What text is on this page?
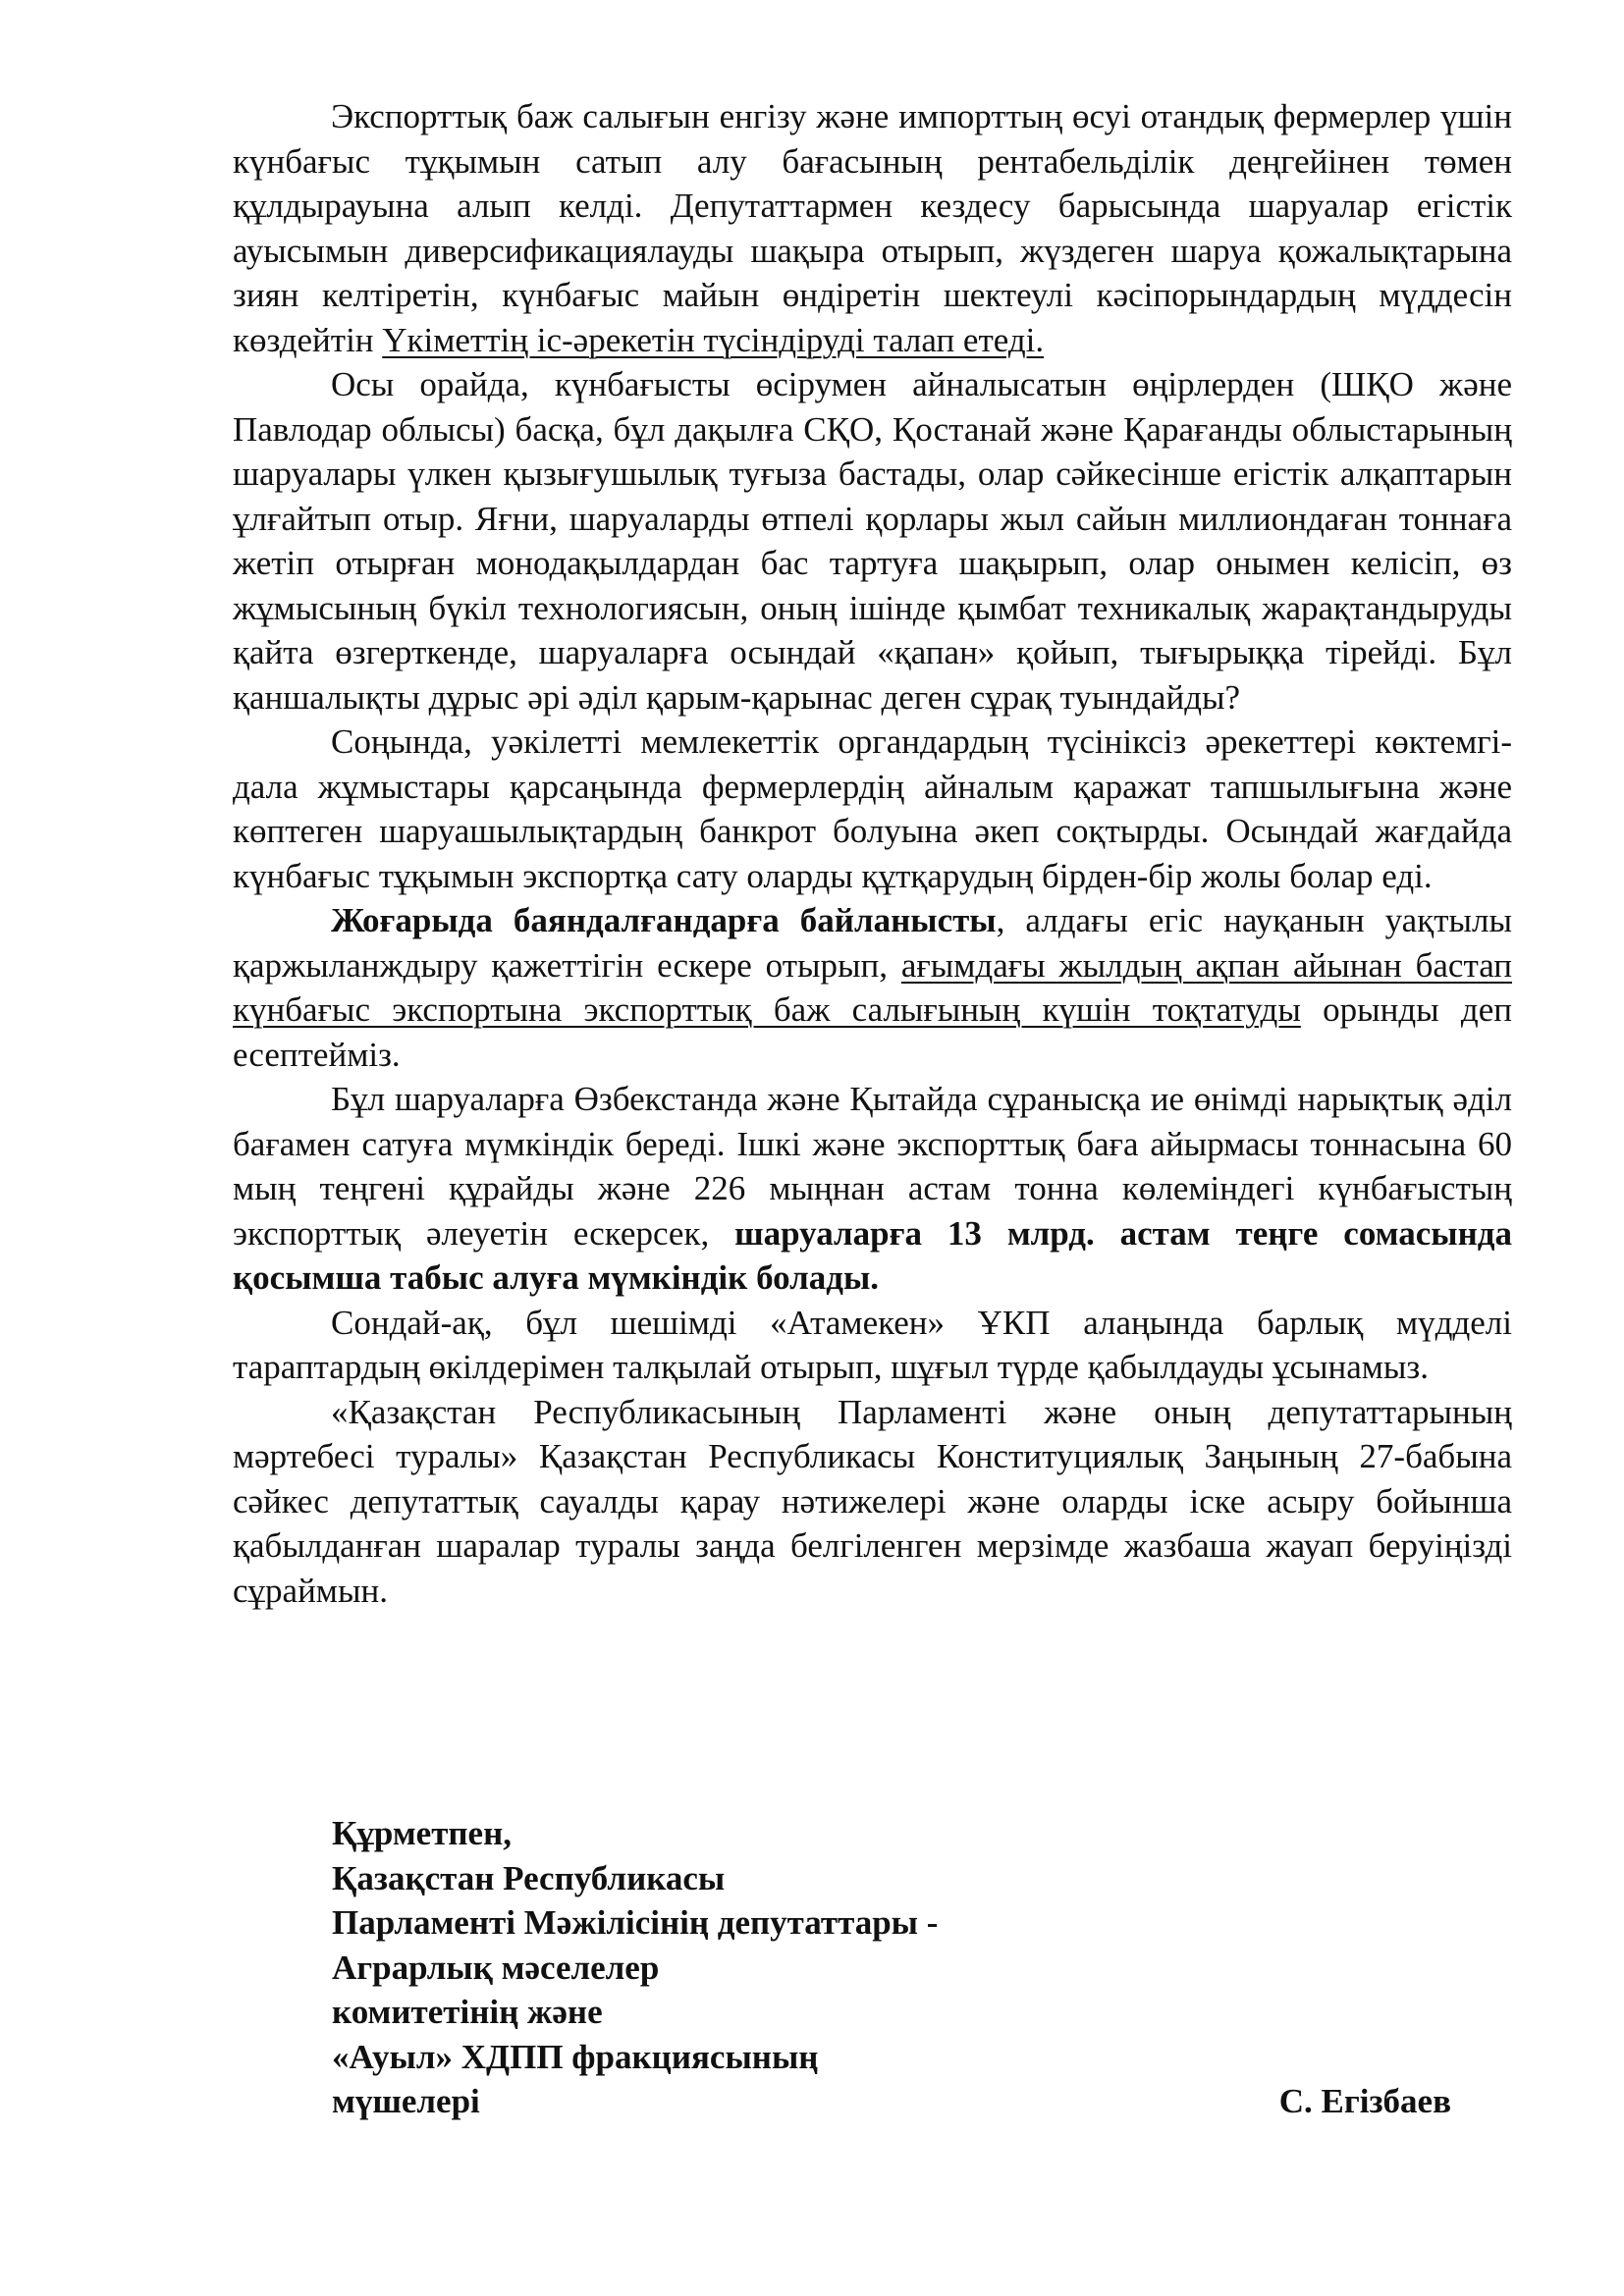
Экспорттық баж салығын енгізу және импорттың өсуі отандық фермерлер үшін күнбағыс тұқымын сатып алу бағасының рентабельділік деңгейінен төмен құлдырауына алып келді. Депутаттармен кездесу барысында шаруалар егістік ауысымын диверсификациялауды шақыра отырып, жүздеген шаруа қожалықтарына зиян келтіретін, күнбағыс майын өндіретін шектеулі кәсіпорындардың мүддесін көздейтін Үкіметтің іс-әрекетін түсіндіруді талап етеді.

Осы орайда, күнбағысты өсірумен айналысатын өңірлерден (ШҚО және Павлодар облысы) басқа, бұл дақылға СҚО, Қостанай және Қарағанды облыстарының шаруалары үлкен қызығушылық туғыза бастады, олар сәйкесінше егістік алқаптарын ұлғайтып отыр. Яғни, шаруаларды өтпелі қорлары жыл сайын миллиондаған тоннаға жетіп отырған монодақылдардан бас тартуға шақырып, олар онымен келісіп, өз жұмысының бүкіл технологиясын, оның ішінде қымбат техникалық жарақтандыруды қайта өзгерткенде, шаруаларға осындай «қапан» қойып, тығырыққа тірейді. Бұл қаншалықты дұрыс әрі әділ қарым-қарынас деген сұрақ туындайды?

Соңында, уәкілетті мемлекеттік органдардың түсініксіз әрекеттері көктемгі-дала жұмыстары қарсаңында фермерлердің айналым қаражат тапшылығына және көптеген шаруашылықтардың банкрот болуына әкеп соқтырды. Осындай жағдайда күнбағыс тұқымын экспортқа сату оларды құтқарудың бірден-бір жолы болар еді.

Жоғарыда баяндалғандарға байланысты, алдағы егіс науқанын уақтылы қаржыланждыру қажеттігін ескере отырып, ағымдағы жылдың ақпан айынан бастап күнбағыс экспортына экспорттық баж салығының күшін тоқтатуды орынды деп есептейміз.

Бұл шаруаларға Өзбекстанда және Қытайда сұранысқа ие өнімді нарықтық әділ бағамен сатуға мүмкіндік береді. Ішкі және экспорттық баға айырмасы тоннасына 60 мың теңгені құрайды және 226 мыңнан астам тонна көлеміндегі күнбағыстың экспорттық әлеуетін ескерсек, шаруаларға 13 млрд. астам теңге сомасында қосымша табыс алуға мүмкіндік болады.

Сондай-ақ, бұл шешімді «Атамекен» ҰКП алаңында барлық мүдделі тараптардың өкілдерімен талқылай отырып, шұғыл түрде қабылдауды ұсынамыз.

«Қазақстан Республикасының Парламенті және оның депутаттарының мәртебесі туралы» Қазақстан Республикасы Конституциялық Заңының 27-бабына сәйкес депутаттық сауалды қарау нәтижелері және оларды іске асыру бойынша қабылданған шаралар туралы заңда белгіленген мерзімде жазбаша жауап беруіңізді сұраймын.

Құрметпен,
Қазақстан Республикасы
Парламенті Мәжілісінің депутаттары -
Аграрлық мәселелер
комитетінің және
«Ауыл» ХДПП фракциясының
мүшелері	С. Егізбаев
